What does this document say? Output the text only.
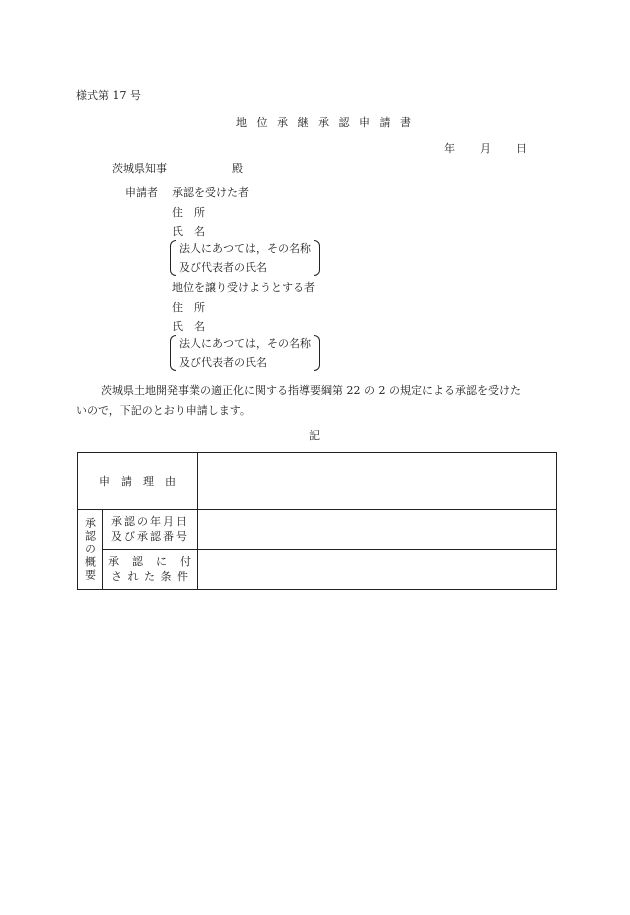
様式第 17 号
地 位 承 継 承 認 申 請 書
年 月 日
茨城県知事	殿
申請者 承認を受けた者
住　所
氏　名
法人にあつては，その名称
及び代表者の氏名
地位を譲り受けようとする者
住　所
氏　名
法人にあつては，その名称
及び代表者の氏名
茨城県土地開発事業の適正化に関する指導要綱第 22 の 2 の規定による承認を受けた
いので，下記のとおり申請します。
記
申　請　理　由		

承認の概要	承認の年月日
及び承認番号	

	承　認　に　付
さ れ た 条 件	
